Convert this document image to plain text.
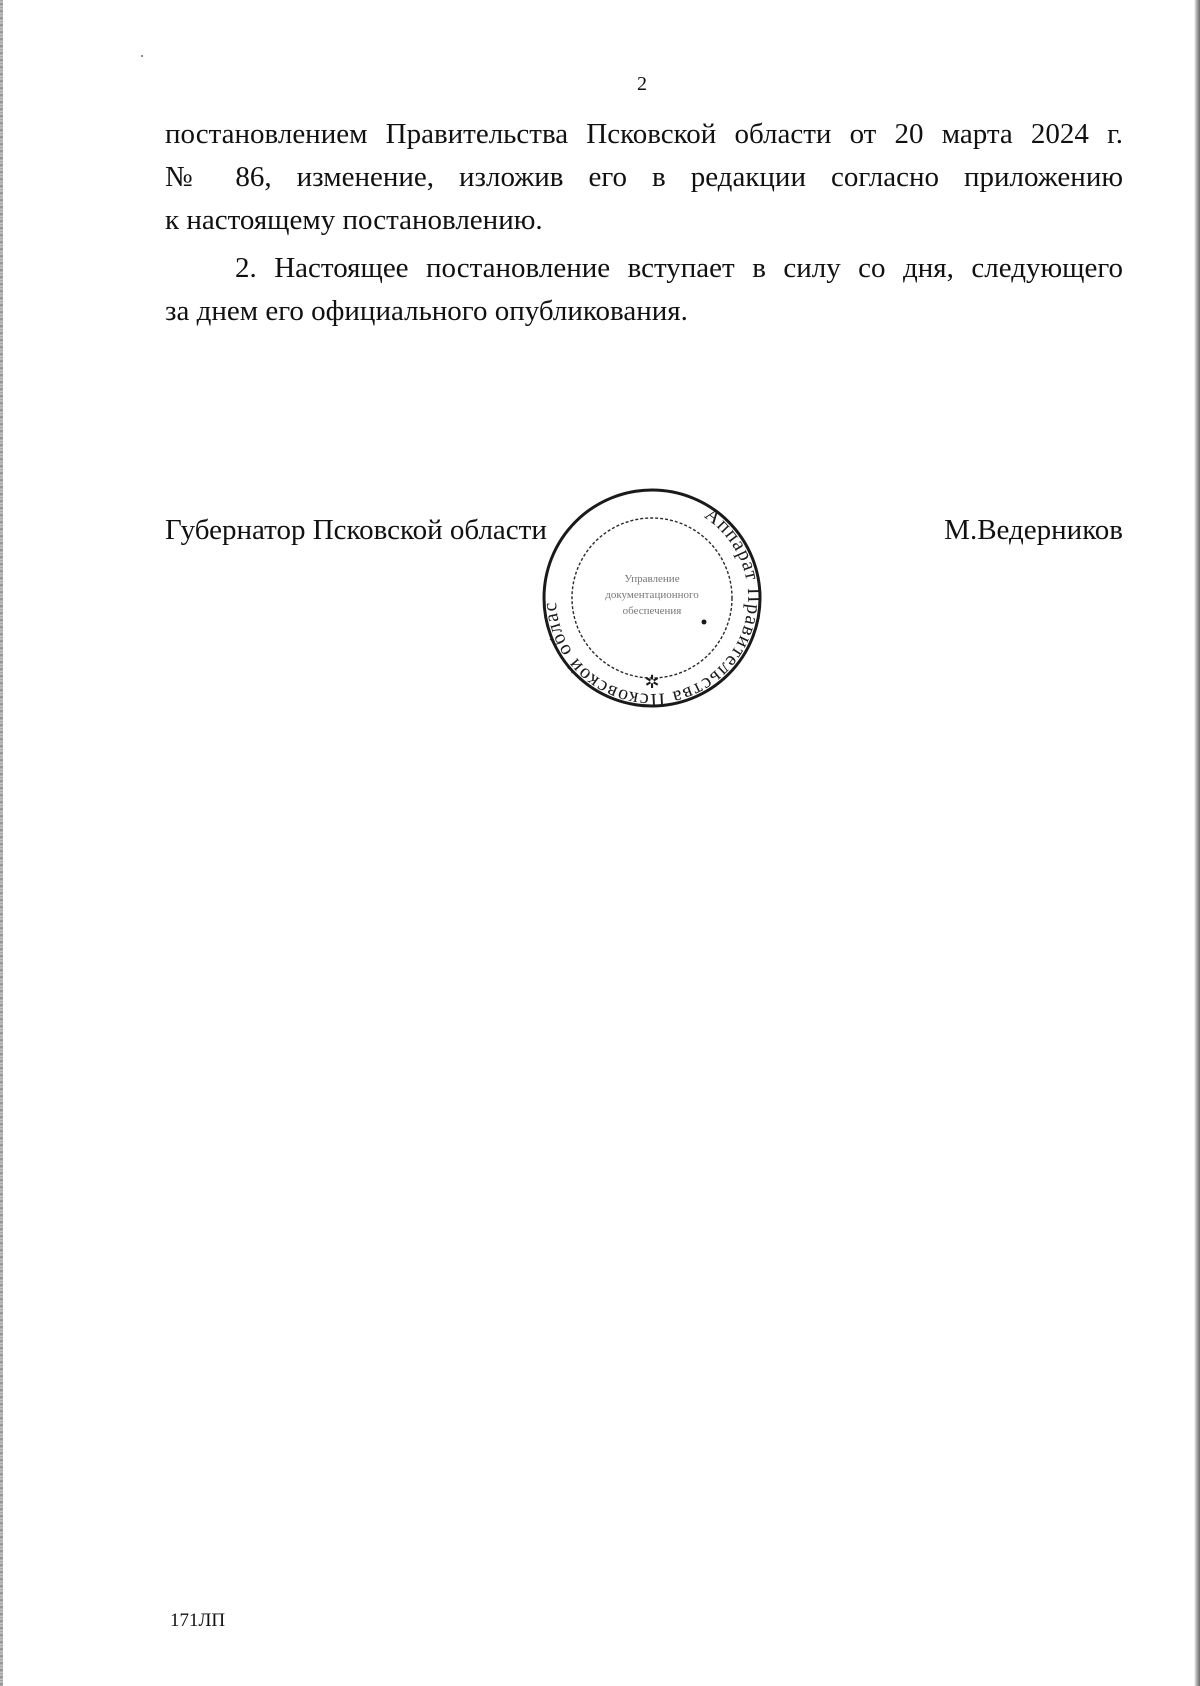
2
постановлением Правительства Псковской области от 20 марта 2024 г.
№ 86, изменение, изложив его в редакции согласно приложению
к настоящему постановлению.
2. Настоящее постановление вступает в силу со дня, следующего
за днем его официального опубликования.
Губернатор Псковской области	М.Ведерников
Аппарат Правительства Псковской облас
Управление
документационного
обеспечения
✲
171ЛП
